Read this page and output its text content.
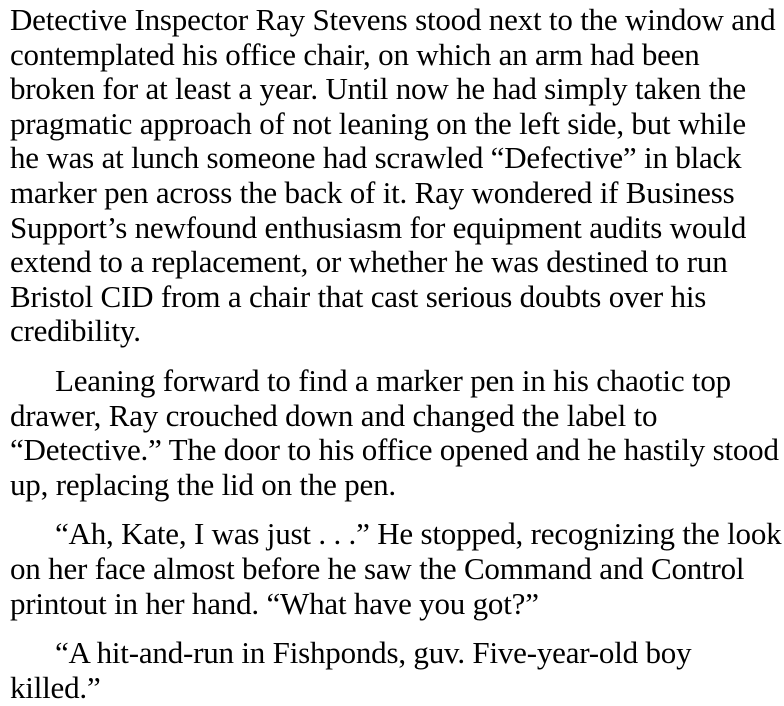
Detective Inspector Ray Stevens stood next to the window and
contemplated his office chair, on which an arm had been
broken for at least a year. Until now he had simply taken the
pragmatic approach of not leaning on the left side, but while
he was at lunch someone had scrawled “Defective” in black
marker pen across the back of it. Ray wondered if Business
Support’s newfound enthusiasm for equipment audits would
extend to a replacement, or whether he was destined to run
Bristol CID from a chair that cast serious doubts over his
credibility.

Leaning forward to find a marker pen in his chaotic top
drawer, Ray crouched down and changed the label to
“Detective.” The door to his office opened and he hastily stood
up, replacing the lid on the pen.

“Ah, Kate, I was just . . .” He stopped, recognizing the look
on her face almost before he saw the Command and Control
printout in her hand. “What have you got?”

“A hit-and-run in Fishponds, guv. Five-year-old boy
killed.”
